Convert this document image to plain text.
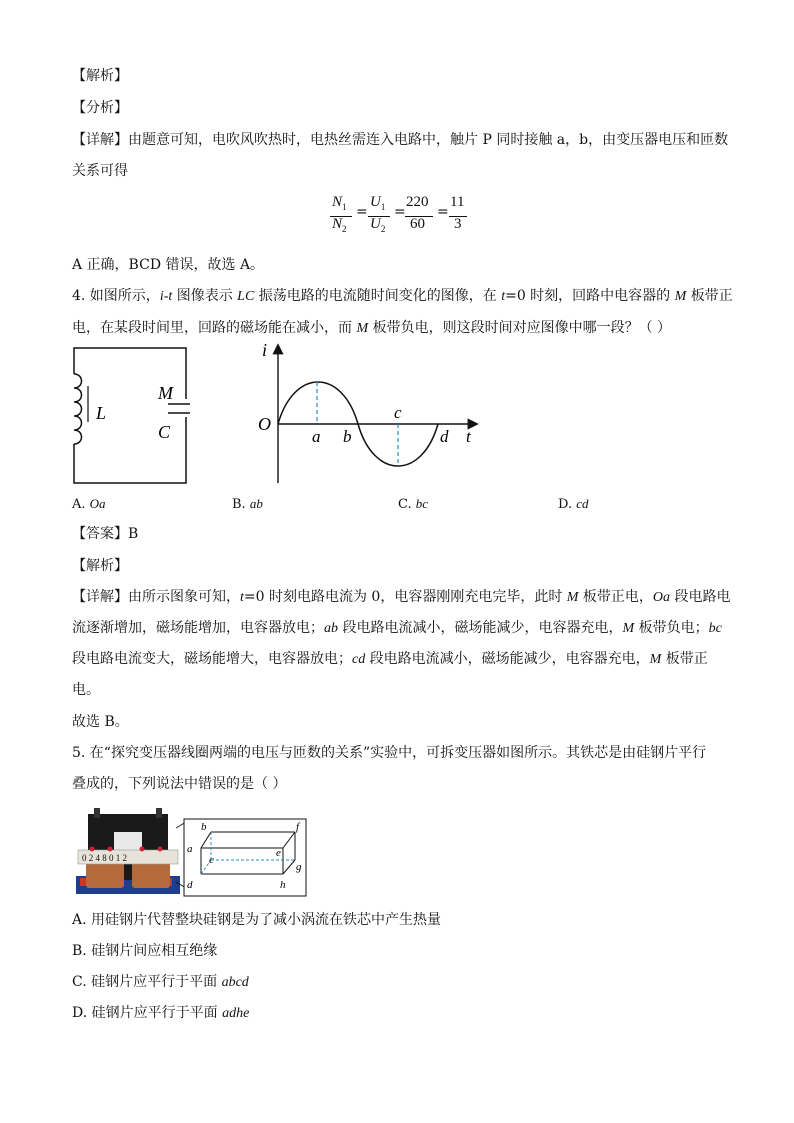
【解析】
【分析】
【详解】由题意可知，电吹风吹热时，电热丝需连入电路中，触片 P 同时接触 a，b，由变压器电压和匝数
关系可得
$N_1$
$N_2$
=
$U_1$
$U_2$
=
220
60
=
11
3
A 正确，BCD 错误，故选 A。
4. 如图所示，i-t 图像表示 LC 振荡电路的电流随时间变化的图像，在 t=0 时刻，回路中电容器的 M 板带正
电，在某段时间里，回路的磁场能在减小，而 M 板带负电，则这段时间对应图像中哪一段？（ ）
L
M
C
i
O
a b
c
d t
A. Oa	B. ab	C. bc	D. cd
【答案】B
【解析】
【详解】由所示图象可知，t=0 时刻电路电流为 0，电容器刚刚充电完毕，此时 M 板带正电，Oa 段电路电
流逐渐增加，磁场能增加，电容器放电；ab 段电路电流减小，磁场能减少，电容器充电，M 板带负电；bc
段电路电流变大，磁场能增大，电容器放电；cd 段电路电流减小，磁场能减少，电容器充电，M 板带正
电。
故选 B。
5. 在“探究变压器线圈两端的电压与匝数的关系”实验中，可拆变压器如图所示。其铁芯是由硅钢片平行
叠成的，下列说法中错误的是（ ）
0 2 4 8 0 1 2
a
b
c
d
e
f
g
h
A. 用硅钢片代替整块硅钢是为了减小涡流在铁芯中产生热量
B. 硅钢片间应相互绝缘
C. 硅钢片应平行于平面 abcd
D. 硅钢片应平行于平面 adhe
